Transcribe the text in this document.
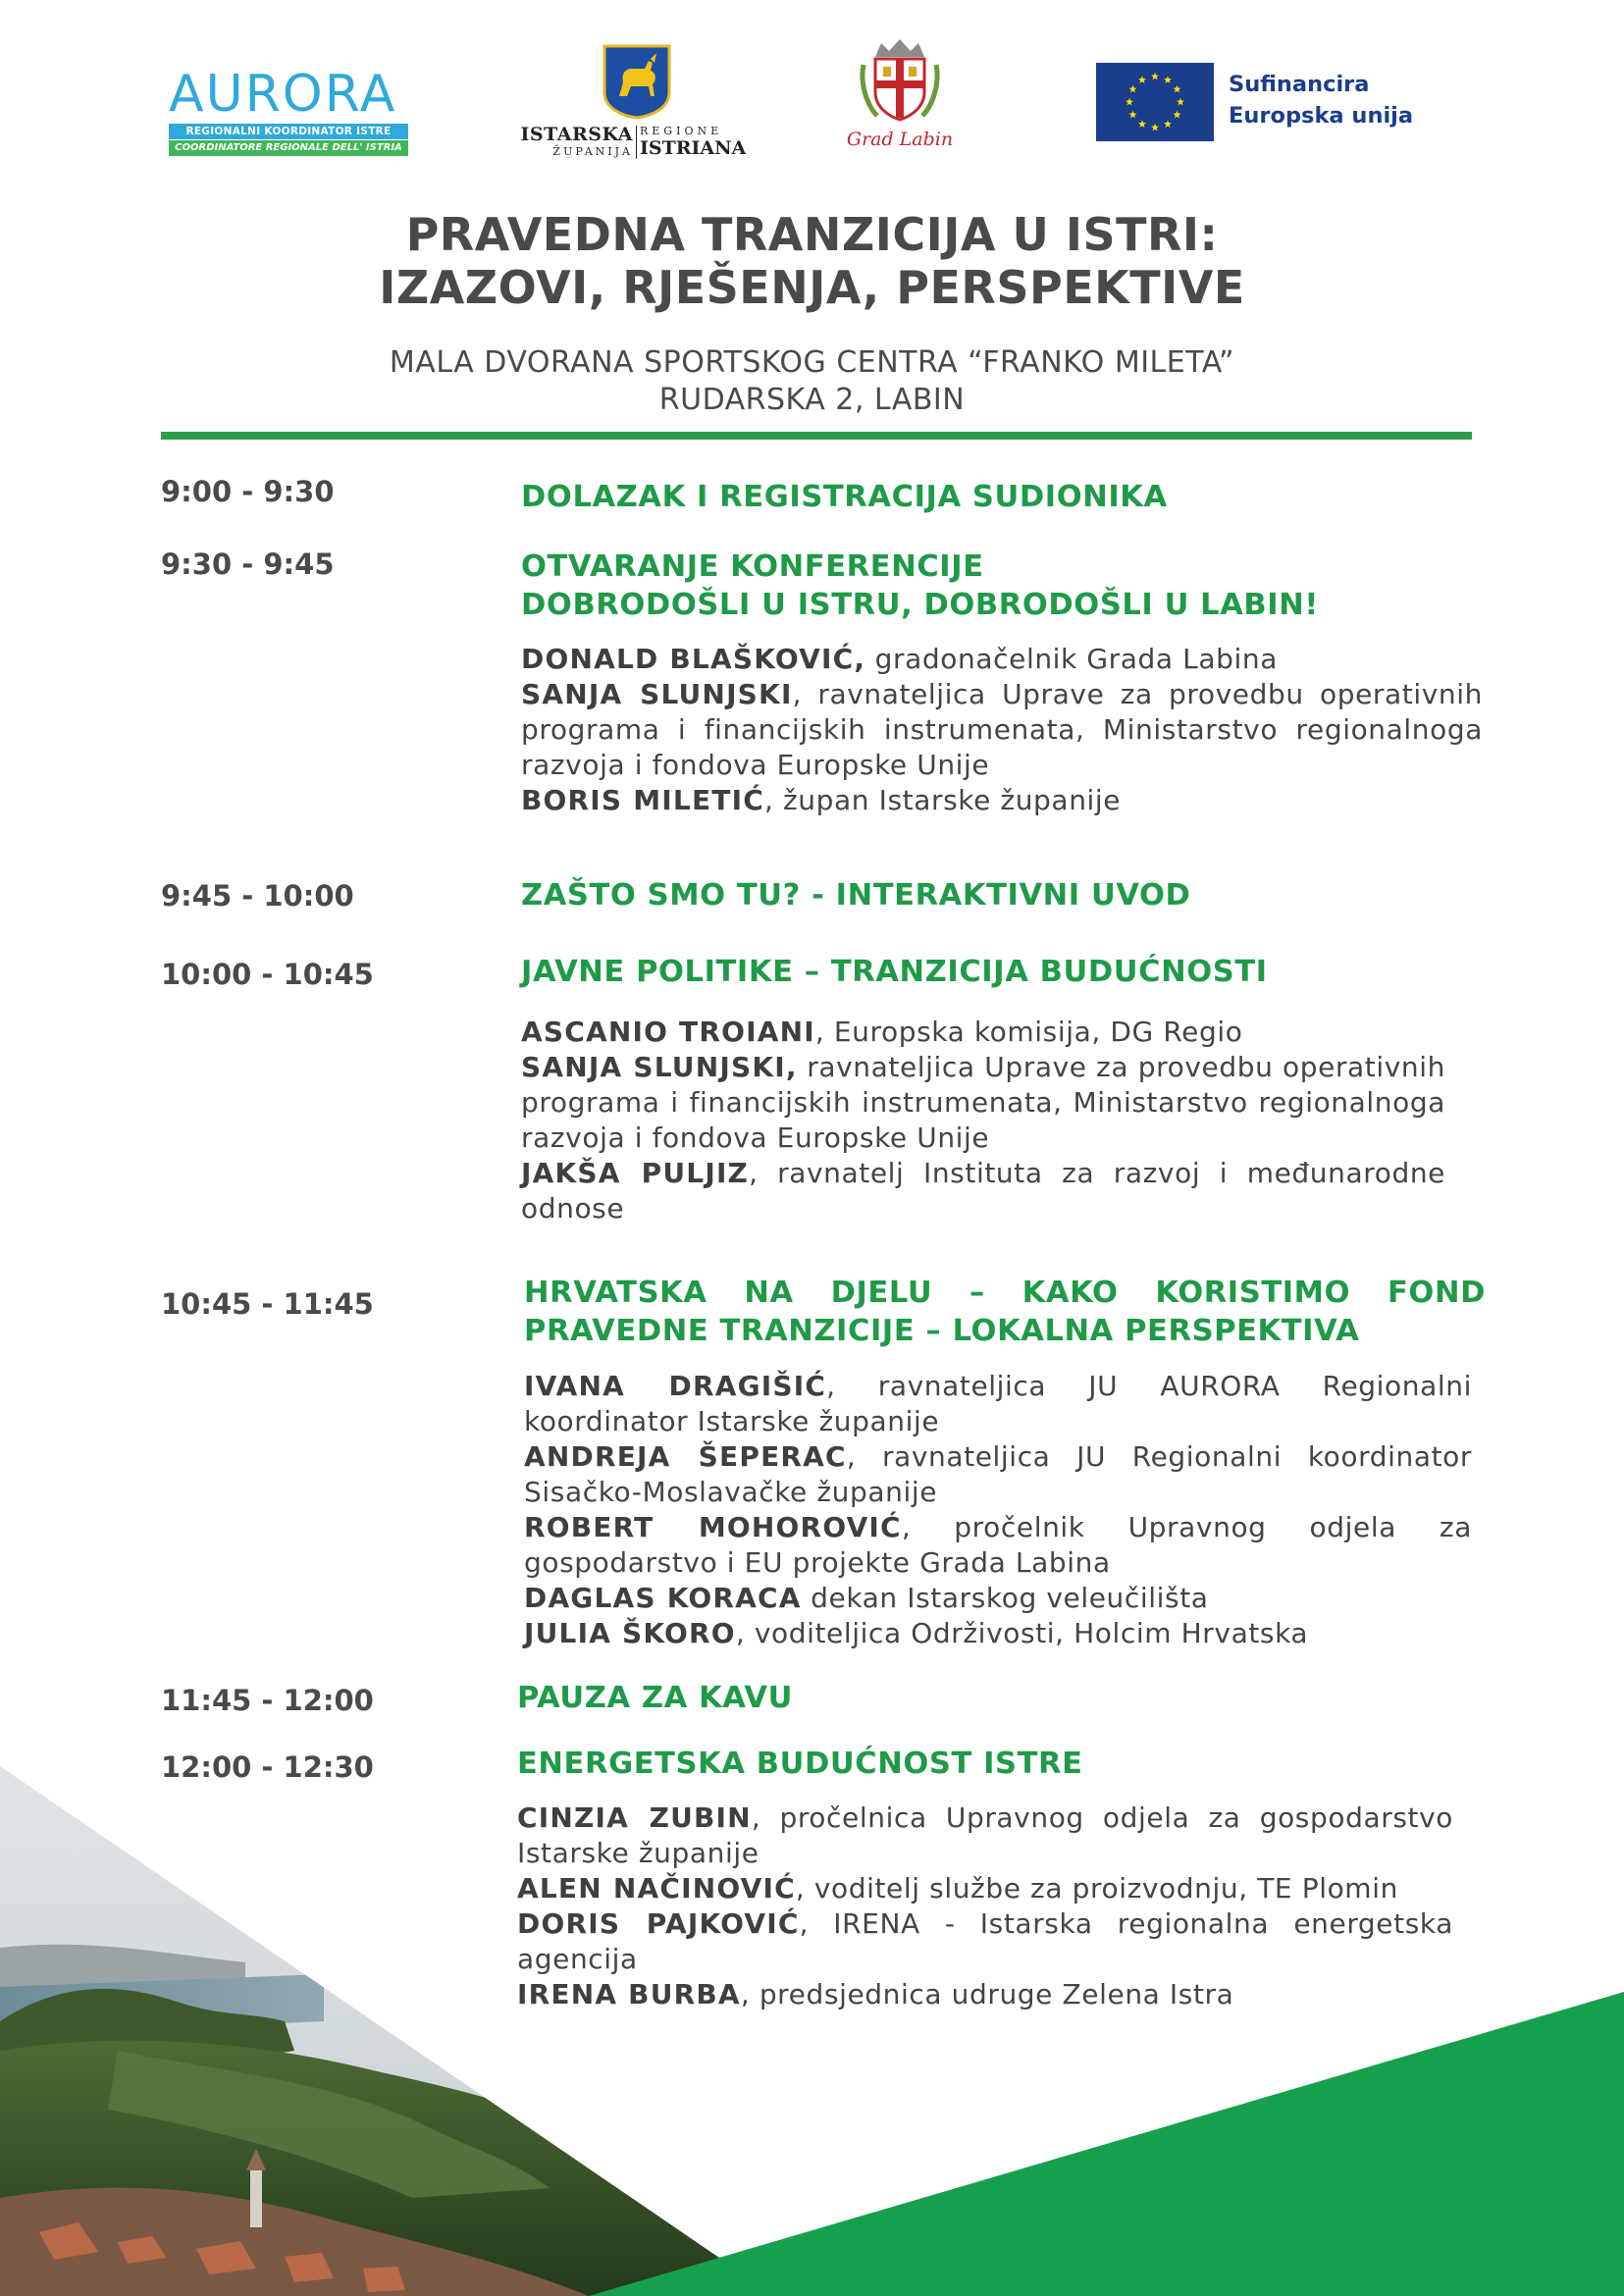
AURORA
REGIONALNI KOORDINATOR ISTRE
COORDINATORE REGIONALE DELL' ISTRIA
ISTARSKA
ŽUPANIJA
REGIONE
ISTRIANA	Grad Labin
Sufinancira
Europska unija
PRAVEDNA TRANZICIJA U ISTRI:
IZAZOVI, RJEŠENJA, PERSPEKTIVE
MALA DVORANA SPORTSKOG CENTRA “FRANKO MILETA”
RUDARSKA 2, LABIN
9:00 - 9:30	DOLAZAK I REGISTRACIJA SUDIONIKA
9:30 - 9:45	OTVARANJE KONFERENCIJE
DOBRODOŠLI U ISTRU, DOBRODOŠLI U LABIN!

DONALD BLAŠKOVIĆ, gradonačelnik Grada Labina

SANJA SLUNJSKI, ravnateljica Uprave za provedbu operativnih programa i financijskih instrumenata, Ministarstvo regionalnoga razvoja i fondova Europske Unije

BORIS MILETIĆ, župan Istarske županije

9:45 - 10:00	ZAŠTO SMO TU? - INTERAKTIVNI UVOD
10:00 - 10:45	JAVNE POLITIKE – TRANZICIJA BUDUĆNOSTI

ASCANIO TROIANI, Europska komisija, DG Regio

SANJA SLUNJSKI, ravnateljica Uprave za provedbu operativnih programa i financijskih instrumenata, Ministarstvo regionalnoga razvoja i fondova Europske Unije

JAKŠA PULJIZ, ravnatelj Instituta za razvoj i međunarodne odnose

10:45 - 11:45	HRVATSKA NA DJELU – KAKO KORISTIMO FOND
PRAVEDNE TRANZICIJE – LOKALNA PERSPEKTIVA

IVANA DRAGIŠIĆ, ravnateljica JU AURORA Regionalni koordinator Istarske županije

ANDREJA ŠEPERAC, ravnateljica JU Regionalni koordinator Sisačko-Moslavačke županije

ROBERT MOHOROVIĆ, pročelnik Upravnog odjela za gospodarstvo i EU projekte Grada Labina

DAGLAS KORACA dekan Istarskog veleučilišta

JULIA ŠKORO, voditeljica Održivosti, Holcim Hrvatska

11:45 - 12:00	PAUZA ZA KAVU
12:00 - 12:30	ENERGETSKA BUDUĆNOST ISTRE

CINZIA ZUBIN, pročelnica Upravnog odjela za gospodarstvo Istarske županije

ALEN NAČINOVIĆ, voditelj službe za proizvodnju, TE Plomin

DORIS PAJKOVIĆ, IRENA - Istarska regionalna energetska agencija

IRENA BURBA, predsjednica udruge Zelena Istra
